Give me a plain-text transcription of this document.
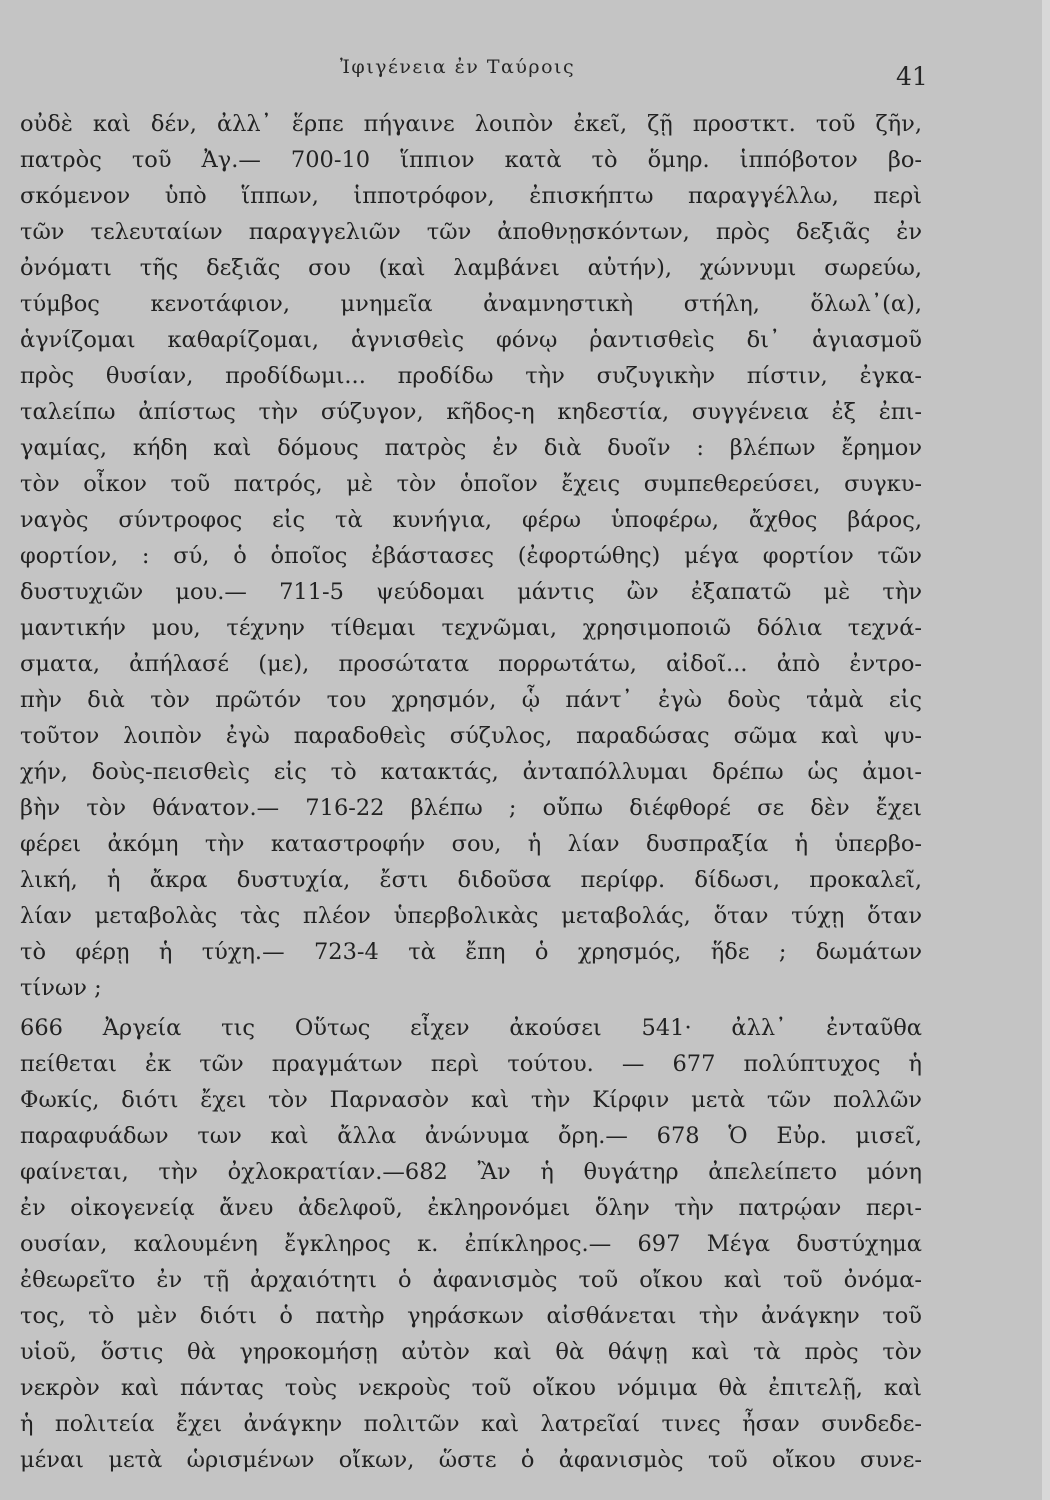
Ἰφιγένεια ἐν Ταύροις	41
οὐδὲ καὶ δέν, ἀλλ᾽ ἕρπε πήγαινε λοιπὸν ἐκεῖ, ζῇ προστκτ. τοῦ ζῆν,
πατρὸς τοῦ Ἀγ.— 700-10 ἵππιον κατὰ τὸ ὅμηρ. ἱππόβοτον βο-
σκόμενον ὑπὸ ἵππων, ἱπποτρόφον, ἐπισκήπτω παραγγέλλω, περὶ
τῶν τελευταίων παραγγελιῶν τῶν ἀποθνῃσκόντων, πρὸς δεξιᾶς ἐν
ὀνόματι τῆς δεξιᾶς σου (καὶ λαμβάνει αὐτήν), χώννυμι σωρεύω,
τύμβος κενοτάφιον, μνημεῖα ἀναμνηστικὴ στήλη, ὅλωλ᾽(α),
ἁγνίζομαι καθαρίζομαι, ἁγνισθεὶς φόνῳ ῥαντισθεὶς δι᾽ ἁγιασμοῦ
πρὸς θυσίαν, προδίδωμι... προδίδω τὴν συζυγικὴν πίστιν, ἐγκα-
ταλείπω ἀπίστως τὴν σύζυγον, κῆδος-η κηδεστία, συγγένεια ἐξ ἐπι-
γαμίας, κήδη καὶ δόμους πατρὸς ἐν διὰ δυοῖν : βλέπων ἔρημον
τὸν οἶκον τοῦ πατρός, μὲ τὸν ὁποῖον ἔχεις συμπεθερεύσει, συγκυ-
ναγὸς σύντροφος εἰς τὰ κυνήγια, φέρω ὑποφέρω, ἄχθος βάρος,
φορτίον, : σύ, ὁ ὁποῖος ἐβάστασες (ἐφορτώθης) μέγα φορτίον τῶν
δυστυχιῶν μου.— 711-5 ψεύδομαι μάντις ὢν ἐξαπατῶ μὲ τὴν
μαντικήν μου, τέχνην τίθεμαι τεχνῶμαι, χρησιμοποιῶ δόλια τεχνά-
σματα, ἀπήλασέ (με), προσώτατα πορρωτάτω, αἰδοῖ... ἀπὸ ἐντρο-
πὴν διὰ τὸν πρῶτόν του χρησμόν, ᾧ πάντ᾽ ἐγὼ δοὺς τἀμὰ εἰς
τοῦτον λοιπὸν ἐγὼ παραδοθεὶς σύζυλος, παραδώσας σῶμα καὶ ψυ-
χήν, δοὺς-πεισθεὶς εἰς τὸ κατακτάς, ἀνταπόλλυμαι δρέπω ὡς ἀμοι-
βὴν τὸν θάνατον.— 716-22 βλέπω ; οὔπω διέφθορέ σε δὲν ἔχει
φέρει ἀκόμη τὴν καταστροφήν σου, ἡ λίαν δυσπραξία ἡ ὑπερβο-
λική, ἡ ἄκρα δυστυχία, ἔστι διδοῦσα περίφρ. δίδωσι, προκαλεῖ,
λίαν μεταβολὰς τὰς πλέον ὑπερβολικὰς μεταβολάς, ὅταν τύχῃ ὅταν
τὸ φέρῃ ἡ τύχη.— 723-4 τὰ ἔπη ὁ χρησμός, ἥδε ; δωμάτων
τίνων ;
666 Ἀργεία τις Οὕτως εἶχεν ἀκούσει 541· ἀλλ᾽ ἐνταῦθα
πείθεται ἐκ τῶν πραγμάτων περὶ τούτου. — 677 πολύπτυχος ἡ
Φωκίς, διότι ἔχει τὸν Παρνασὸν καὶ τὴν Κίρφιν μετὰ τῶν πολλῶν
παραφυάδων των καὶ ἄλλα ἀνώνυμα ὄρη.— 678 Ὁ Εὐρ. μισεῖ,
φαίνεται, τὴν ὀχλοκρατίαν.—682 Ἂν ἡ θυγάτηρ ἀπελείπετο μόνη
ἐν οἰκογενείᾳ ἄνευ ἀδελφοῦ, ἐκληρονόμει ὅλην τὴν πατρῴαν περι-
ουσίαν, καλουμένη ἔγκληρος κ. ἐπίκληρος.— 697 Μέγα δυστύχημα
ἐθεωρεῖτο ἐν τῇ ἀρχαιότητι ὁ ἀφανισμὸς τοῦ οἴκου καὶ τοῦ ὀνόμα-
τος, τὸ μὲν διότι ὁ πατὴρ γηράσκων αἰσθάνεται τὴν ἀνάγκην τοῦ
υἱοῦ, ὅστις θὰ γηροκομήσῃ αὐτὸν καὶ θὰ θάψῃ καὶ τὰ πρὸς τὸν
νεκρὸν καὶ πάντας τοὺς νεκροὺς τοῦ οἴκου νόμιμα θὰ ἐπιτελῇ, καὶ
ἡ πολιτεία ἔχει ἀνάγκην πολιτῶν καὶ λατρεῖαί τινες ἦσαν συνδεδε-
μέναι μετὰ ὡρισμένων οἴκων, ὥστε ὁ ἀφανισμὸς τοῦ οἴκου συνε-
